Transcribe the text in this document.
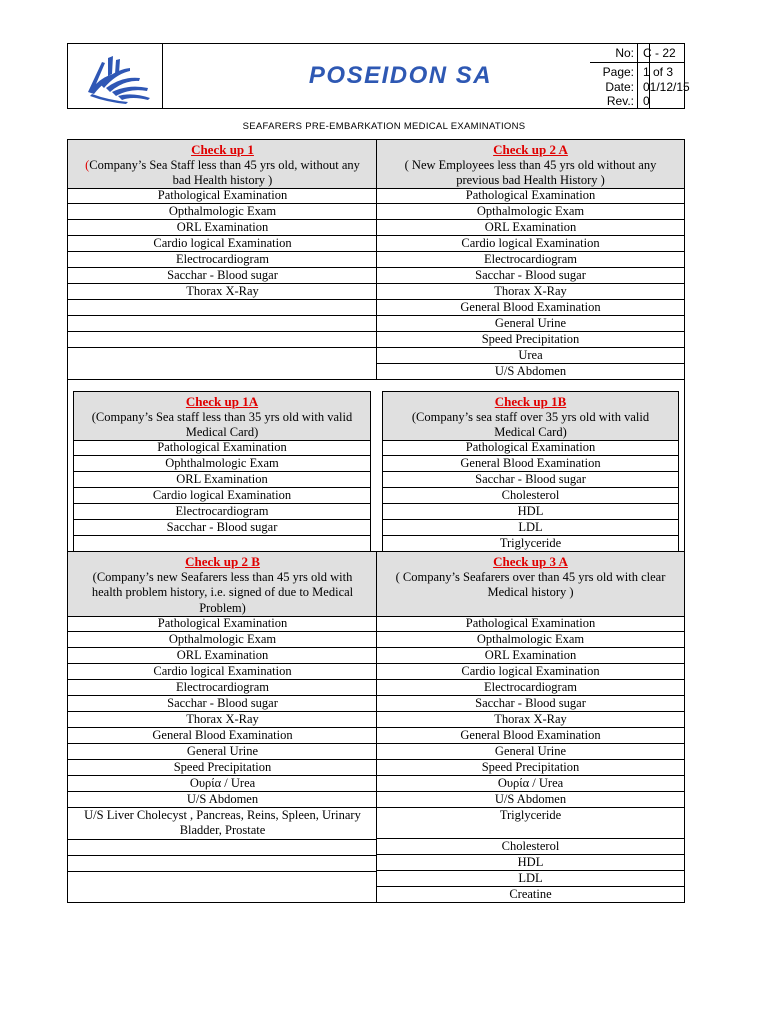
POSEIDON SA
No: C - 22
Page: 1 of 3
Date: 01/12/15
Rev.: 0
SEAFARERS PRE-EMBARKATION MEDICAL EXAMINATIONS
Check up 1
(Company’s Sea Staff less than 45 yrs old, without any bad Health history )
Pathological Examination
Opthalmologic Exam
ORL Examination
Cardio logical Examination
Electrocardiogram
Sacchar - Blood sugar
Thorax X-Ray
Check up 2 A
( New Employees less than 45 yrs old without any previous bad Health History )
Pathological Examination
Opthalmologic Exam
ORL Examination
Cardio logical Examination
Electrocardiogram
Sacchar - Blood sugar
Thorax X-Ray
General Blood Examination
General Urine
Speed Precipitation
Urea
U/S Abdomen
Check up 1A
(Company’s Sea staff less than 35 yrs old with valid Medical Card)
Pathological Examination
Ophthalmologic Exam
ORL Examination
Cardio logical Examination
Electrocardiogram
Sacchar - Blood sugar
Check up 1B
(Company’s sea staff over 35 yrs old with valid Medical Card)
Pathological Examination
General Blood Examination
Sacchar - Blood sugar
Cholesterol
HDL
LDL
Triglyceride
Check up 2 B
(Company’s new Seafarers less than 45 yrs old with health problem history, i.e. signed of due to Medical Problem)
Pathological Examination
Opthalmologic Exam
ORL Examination
Cardio logical Examination
Electrocardiogram
Sacchar - Blood sugar
Thorax X-Ray
General Blood Examination
General Urine
Speed Precipitation
Ουρία / Urea
U/S Abdomen
U/S Liver Cholecyst , Pancreas, Reins, Spleen, Urinary Bladder, Prostate
Check up 3 A
( Company’s Seafarers over than 45 yrs old with clear Medical history )
Pathological Examination
Opthalmologic Exam
ORL Examination
Cardio logical Examination
Electrocardiogram
Sacchar - Blood sugar
Thorax X-Ray
General Blood Examination
General Urine
Speed Precipitation
Ουρία / Urea
U/S Abdomen
Triglyceride
Cholesterol
HDL
LDL
Creatine
